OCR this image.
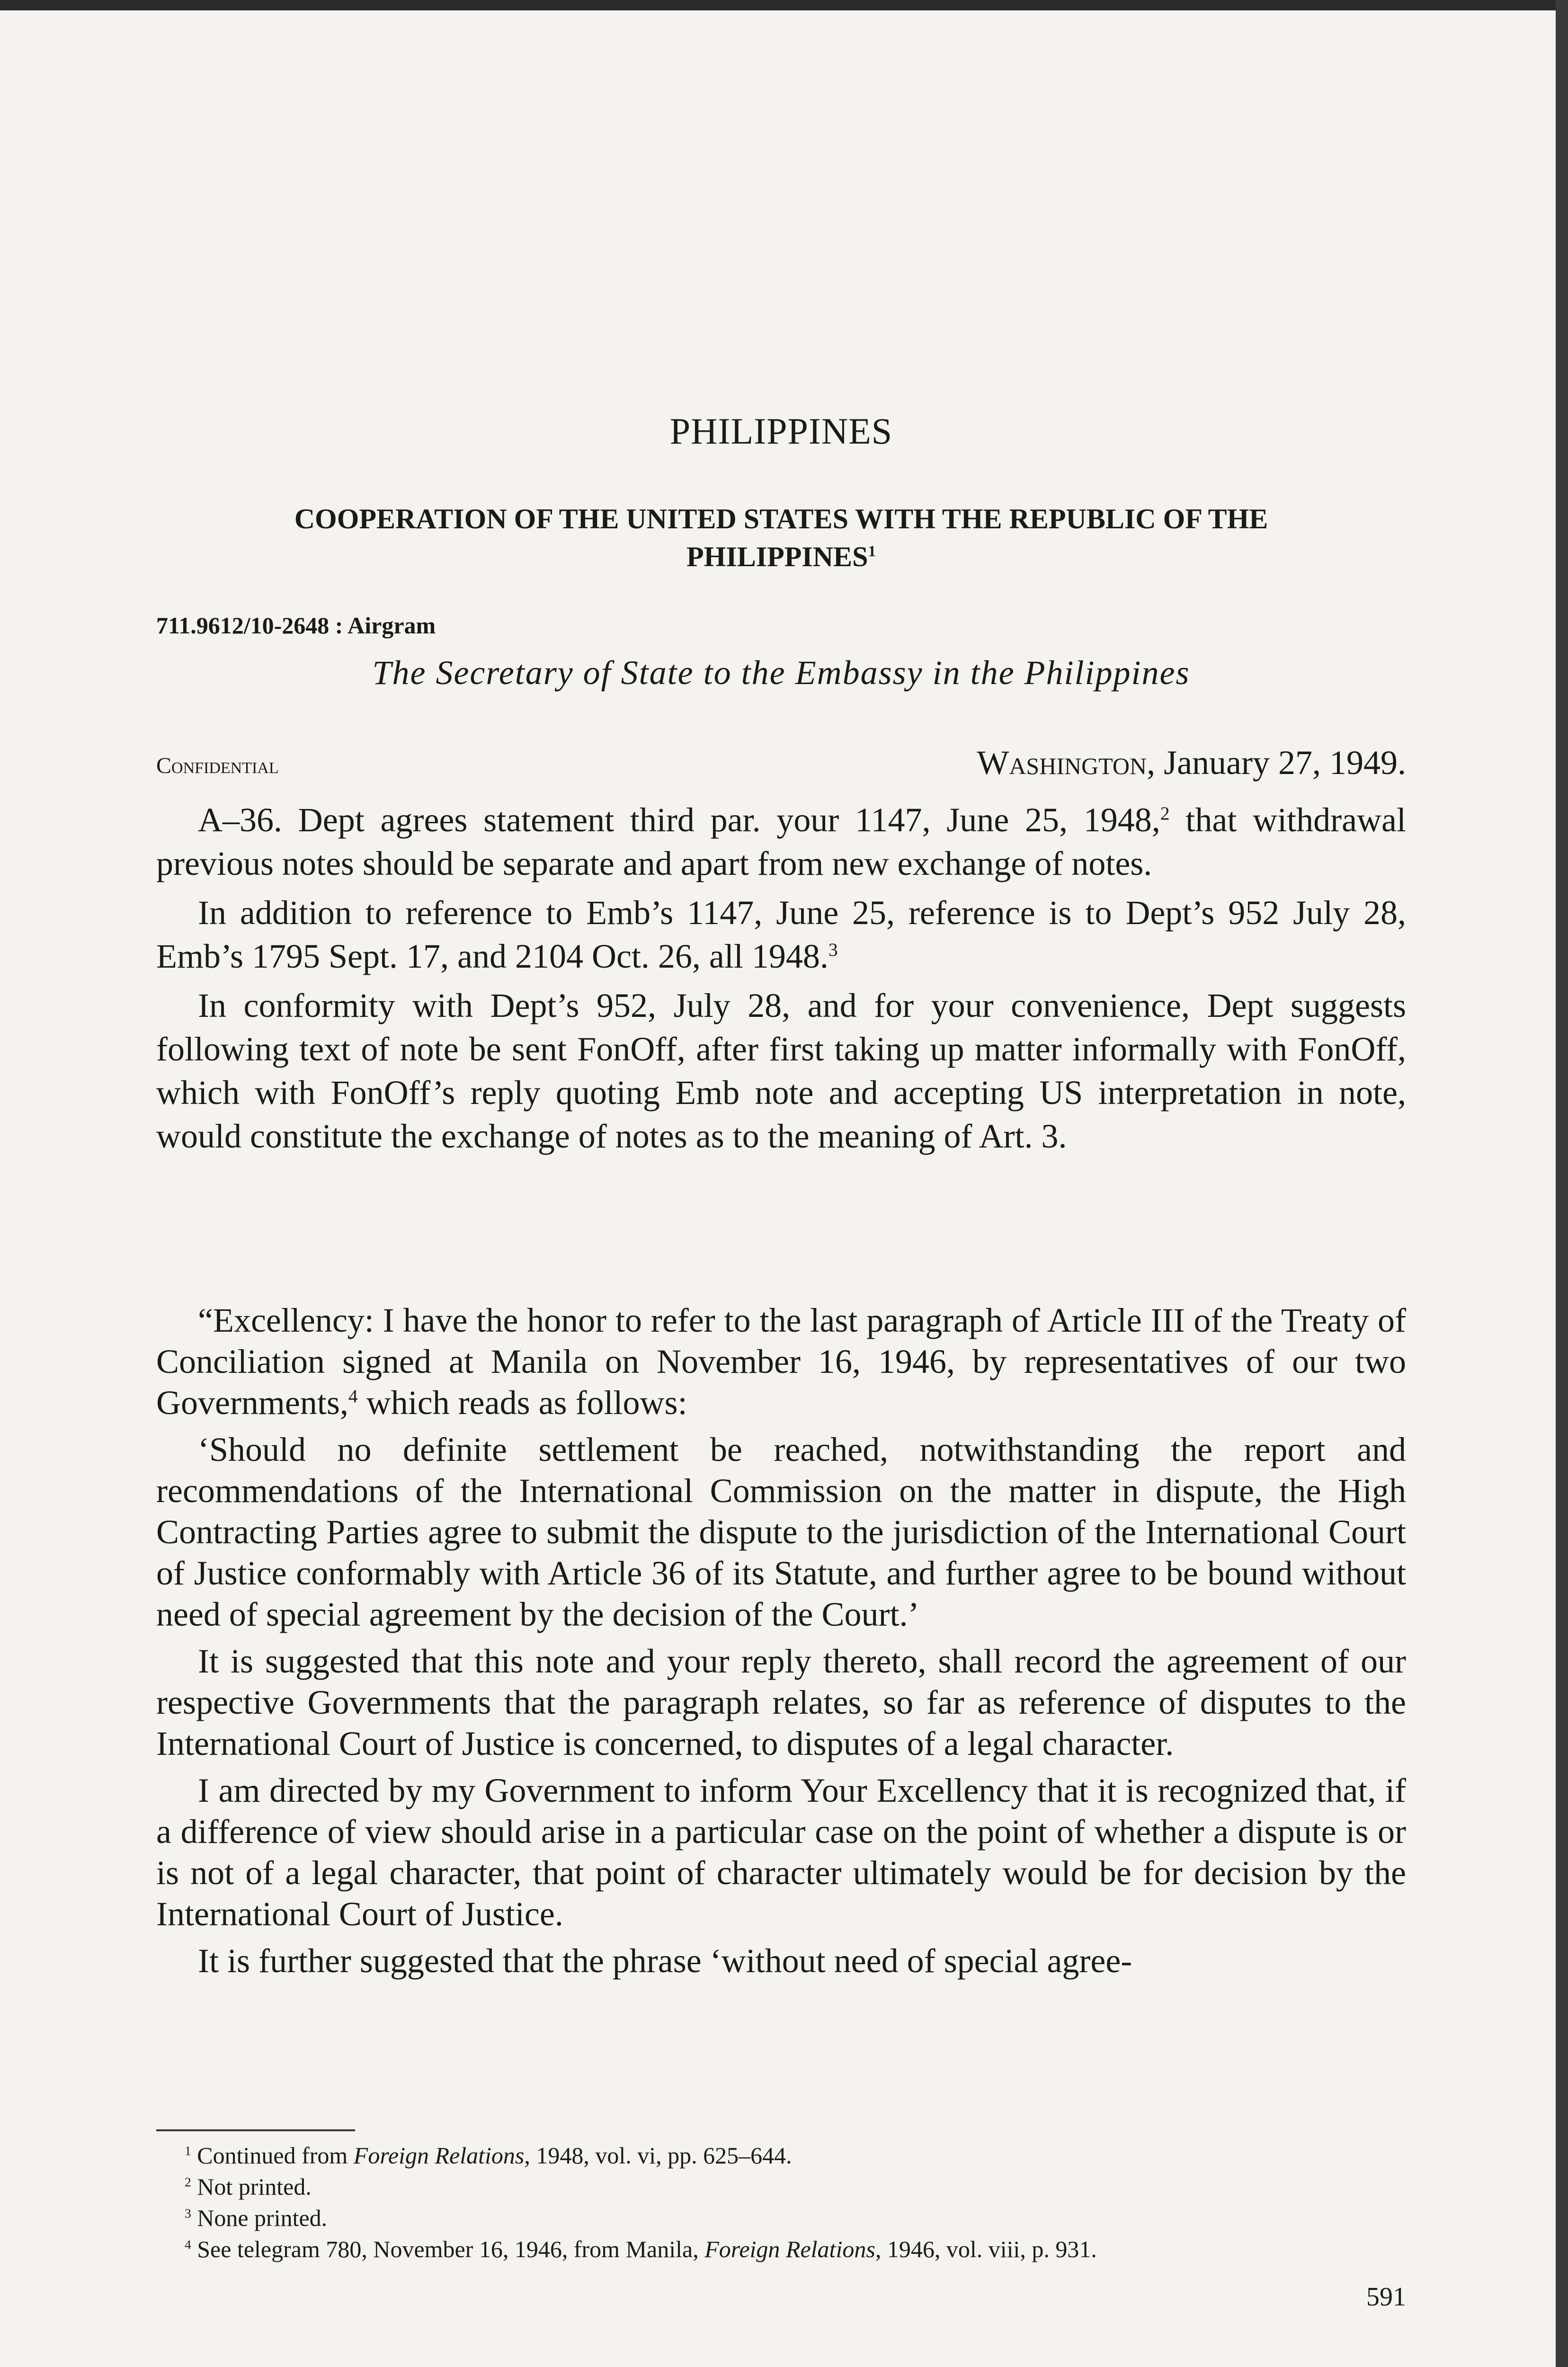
PHILIPPINES
COOPERATION OF THE UNITED STATES WITH THE REPUBLIC OF THE
PHILIPPINES$^1$
711.9612/10-2648 : Airgram
The Secretary of State to the Embassy in the Philippines
Confidential	Washington, January 27, 1949.

A–36. Dept agrees statement third par. your 1147, June 25, 1948,$^2$ that withdrawal previous notes should be separate and apart from new exchange of notes.

In addition to reference to Emb’s 1147, June 25, reference is to Dept’s 952 July 28, Emb’s 1795 Sept. 17, and 2104 Oct. 26, all 1948.$^3$

In conformity with Dept’s 952, July 28, and for your convenience, Dept suggests following text of note be sent FonOff, after first taking up matter informally with FonOff, which with FonOff’s reply quoting Emb note and accepting US interpretation in note, would constitute the exchange of notes as to the meaning of Art. 3.

“Excellency: I have the honor to refer to the last paragraph of Article III of the Treaty of Conciliation signed at Manila on November 16, 1946, by representatives of our two Governments,$^4$ which reads as follows:

‘Should no definite settlement be reached, notwithstanding the report and recommendations of the International Commission on the matter in dispute, the High Contracting Parties agree to submit the dispute to the jurisdiction of the International Court of Justice conformably with Article 36 of its Statute, and further agree to be bound without need of special agreement by the decision of the Court.’

It is suggested that this note and your reply thereto, shall record the agreement of our respective Governments that the paragraph relates, so far as reference of disputes to the International Court of Justice is concerned, to disputes of a legal character.

I am directed by my Government to inform Your Excellency that it is recognized that, if a difference of view should arise in a particular case on the point of whether a dispute is or is not of a legal character, that point of character ultimately would be for decision by the International Court of Justice.

It is further suggested that the phrase ‘without need of special agree-

$^1$ Continued from Foreign Relations, 1948, vol. vi, pp. 625–644.

$^2$ Not printed.

$^3$ None printed.

$^4$ See telegram 780, November 16, 1946, from Manila, Foreign Relations, 1946, vol. viii, p. 931.

591
